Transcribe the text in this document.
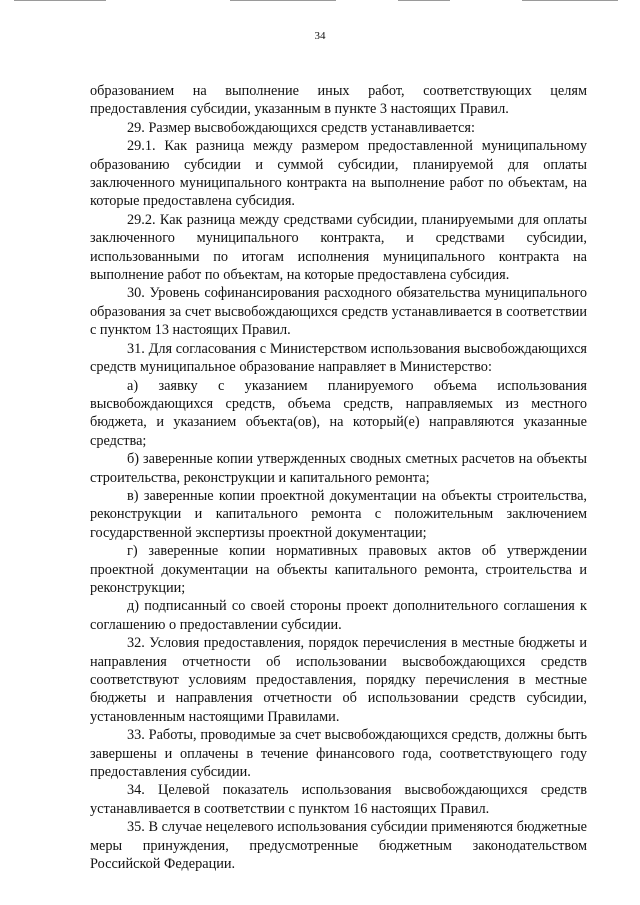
34

образованием на выполнение иных работ, соответствующих целям предоставления субсидии, указанным в пункте 3 настоящих Правил.

29. Размер высвобождающихся средств устанавливается:

29.1. Как разница между размером предоставленной муниципальному образованию субсидии и суммой субсидии, планируемой для оплаты заключенного муниципального контракта на выполнение работ по объектам, на которые предоставлена субсидия.

29.2. Как разница между средствами субсидии, планируемыми для оплаты заключенного муниципального контракта, и средствами субсидии, использованными по итогам исполнения муниципального контракта на выполнение работ по объектам, на которые предоставлена субсидия.

30. Уровень софинансирования расходного обязательства муниципального образования за счет высвобождающихся средств устанавливается в соответствии с пунктом 13 настоящих Правил.

31. Для согласования с Министерством использования высвобождающихся средств муниципальное образование направляет в Министерство:

а) заявку с указанием планируемого объема использования высвобождающихся средств, объема средств, направляемых из местного бюджета, и указанием объекта(ов), на который(е) направляются указанные средства;

б) заверенные копии утвержденных сводных сметных расчетов на объекты строительства, реконструкции и капитального ремонта;

в) заверенные копии проектной документации на объекты строительства, реконструкции и капитального ремонта с положительным заключением государственной экспертизы проектной документации;

г) заверенные копии нормативных правовых актов об утверждении проектной документации на объекты капитального ремонта, строительства и реконструкции;

д) подписанный со своей стороны проект дополнительного соглашения к соглашению о предоставлении субсидии.

32. Условия предоставления, порядок перечисления в местные бюджеты и направления отчетности об использовании высвобождающихся средств соответствуют условиям предоставления, порядку перечисления в местные бюджеты и направления отчетности об использовании средств субсидии, установленным настоящими Правилами.

33. Работы, проводимые за счет высвобождающихся средств, должны быть завершены и оплачены в течение финансового года, соответствующего году предоставления субсидии.

34. Целевой показатель использования высвобождающихся средств устанавливается в соответствии с пунктом 16 настоящих Правил.

35. В случае нецелевого использования субсидии применяются бюджетные меры принуждения, предусмотренные бюджетным законодательством Российской Федерации.
